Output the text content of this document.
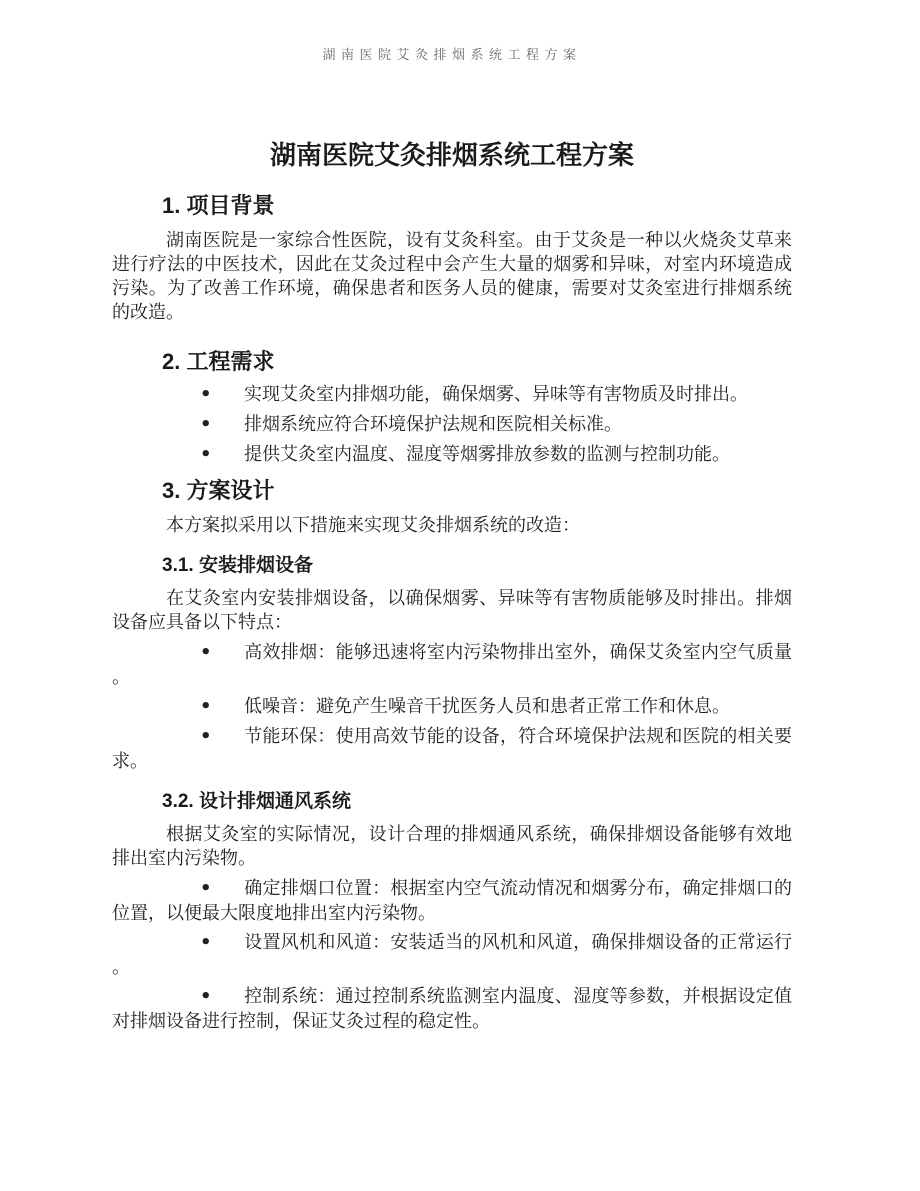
湖南医院艾灸排烟系统工程方案
湖南医院艾灸排烟系统工程方案
1. 项目背景

湖南医院是一家综合性医院，设有艾灸科室。由于艾灸是一种以火烧灸艾草来进行疗法的中医技术，因此在艾灸过程中会产生大量的烟雾和异味，对室内环境造成污染。为了改善工作环境，确保患者和医务人员的健康，需要对艾灸室进行排烟系统的改造。

2. 工程需求
• 实现艾灸室内排烟功能，确保烟雾、异味等有害物质及时排出。
• 排烟系统应符合环境保护法规和医院相关标准。
• 提供艾灸室内温度、湿度等烟雾排放参数的监测与控制功能。
3. 方案设计

本方案拟采用以下措施来实现艾灸排烟系统的改造：

3.1. 安装排烟设备

在艾灸室内安装排烟设备，以确保烟雾、异味等有害物质能够及时排出。排烟设备应具备以下特点：

• 高效排烟：能够迅速将室内污染物排出室外，确保艾灸室内空气质量。
• 低噪音：避免产生噪音干扰医务人员和患者正常工作和休息。
• 节能环保：使用高效节能的设备，符合环境保护法规和医院的相关要求。
3.2. 设计排烟通风系统

根据艾灸室的实际情况，设计合理的排烟通风系统，确保排烟设备能够有效地排出室内污染物。

• 确定排烟口位置：根据室内空气流动情况和烟雾分布，确定排烟口的位置，以便最大限度地排出室内污染物。
• 设置风机和风道：安装适当的风机和风道，确保排烟设备的正常运行。
• 控制系统：通过控制系统监测室内温度、湿度等参数，并根据设定值对排烟设备进行控制，保证艾灸过程的稳定性。
